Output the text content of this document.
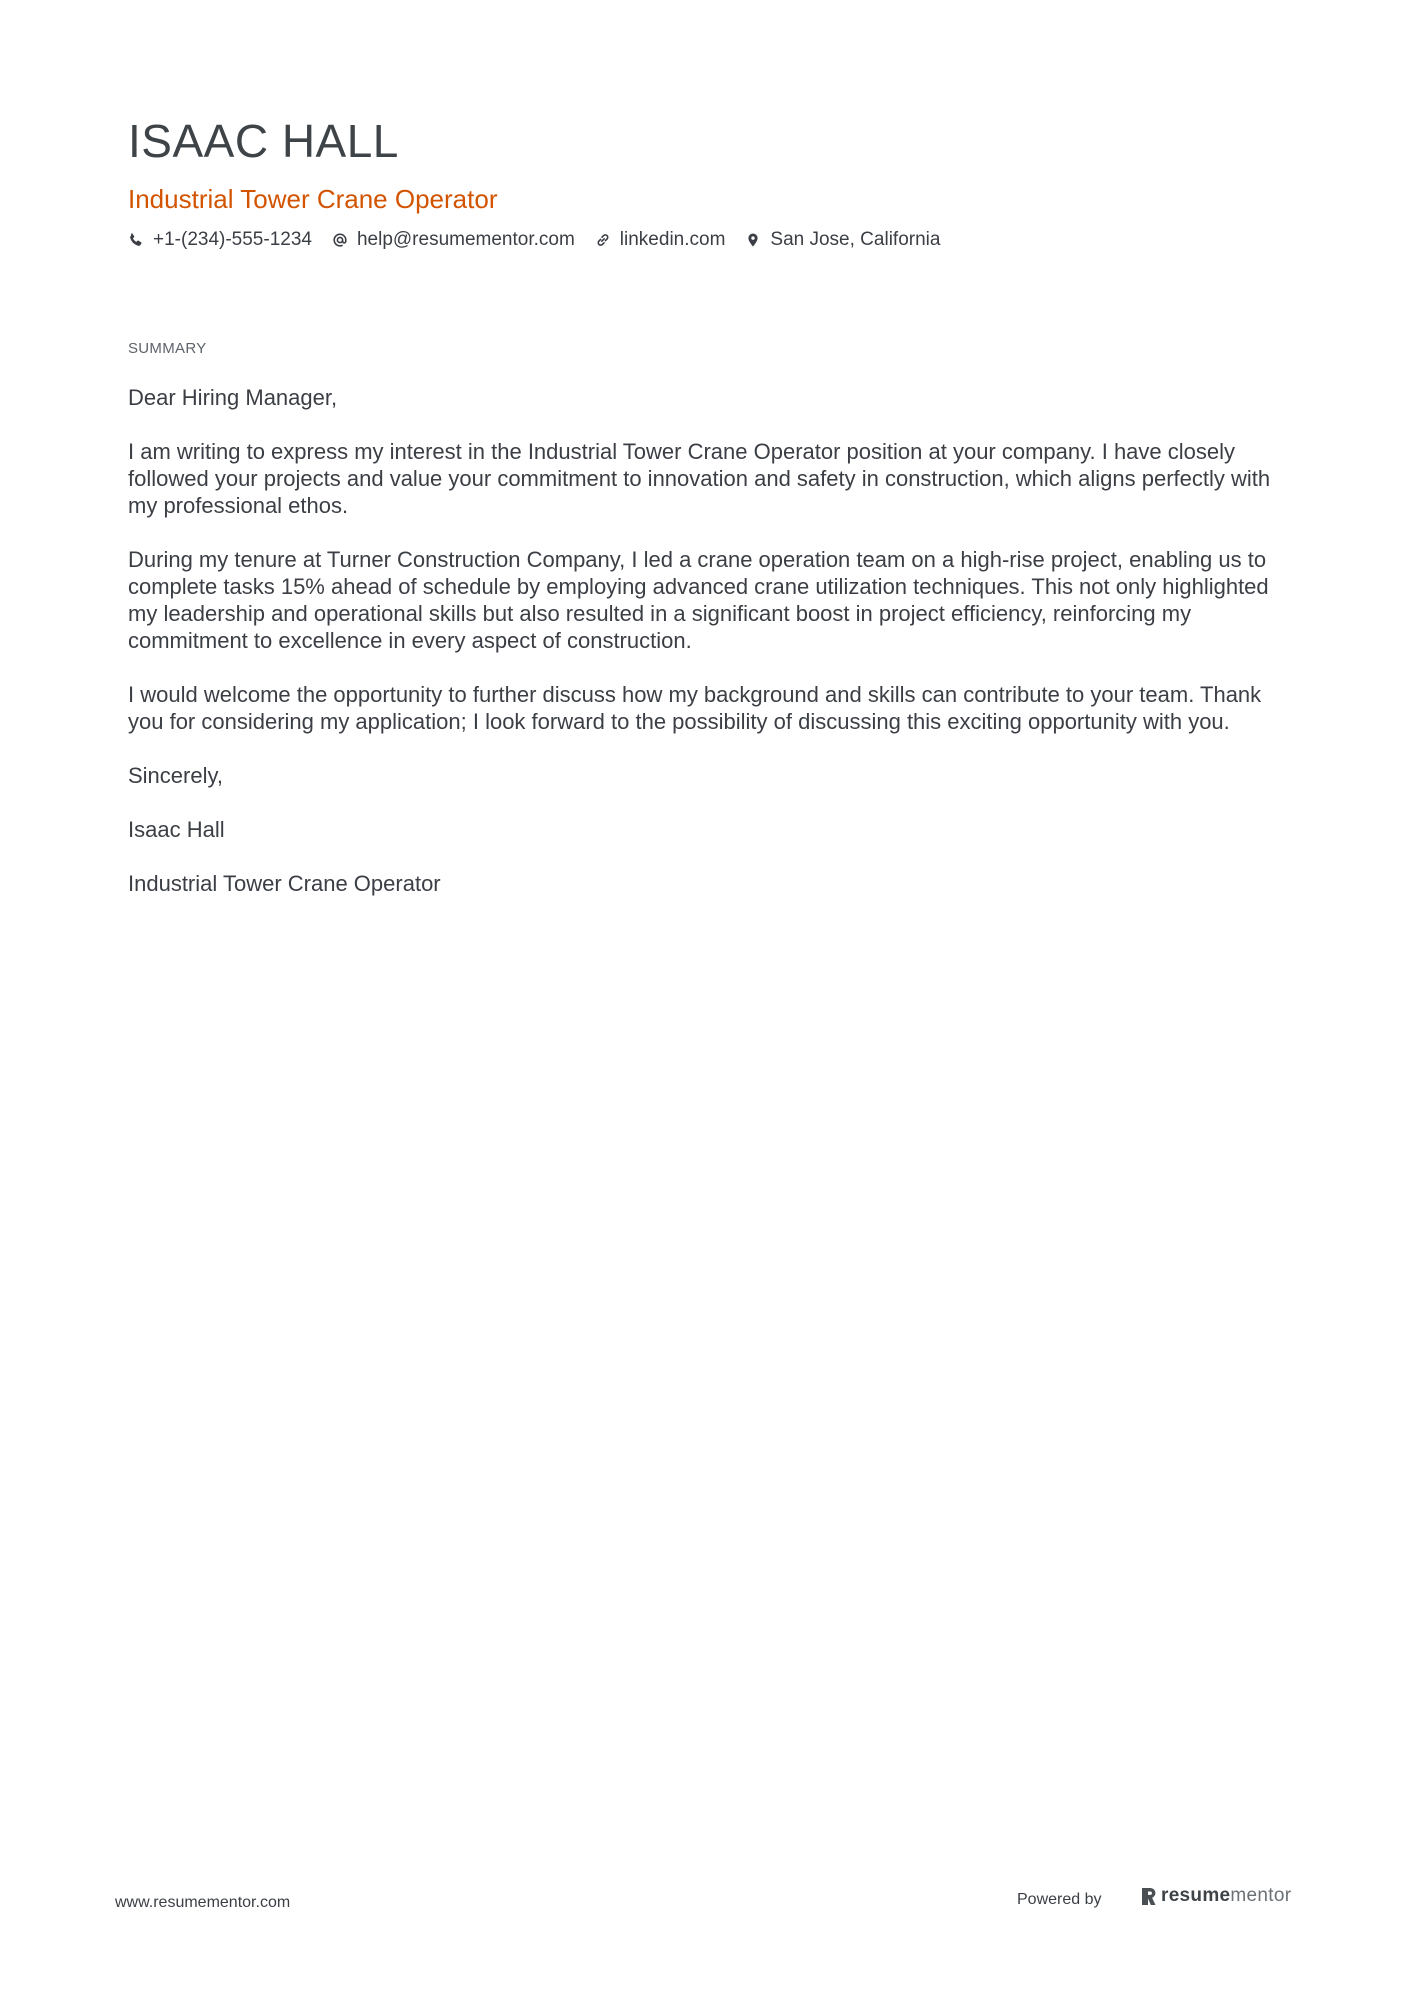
ISAAC HALL
Industrial Tower Crane Operator
+1-(234)-555-1234 help@resumementor.com linkedin.com San Jose, California
SUMMARY

Dear Hiring Manager,

I am writing to express my interest in the Industrial Tower Crane Operator position at your company. I have closely followed your projects and value your commitment to innovation and safety in construction, which aligns perfectly with my professional ethos.

During my tenure at Turner Construction Company, I led a crane operation team on a high-rise project, enabling us to complete tasks 15% ahead of schedule by employing advanced crane utilization techniques. This not only highlighted my leadership and operational skills but also resulted in a significant boost in project efficiency, reinforcing my commitment to excellence in every aspect of construction.

I would welcome the opportunity to further discuss how my background and skills can contribute to your team. Thank you for considering my application; I look forward to the possibility of discussing this exciting opportunity with you.

Sincerely,

Isaac Hall

Industrial Tower Crane Operator

www.resumementor.com	Powered by	resumementor
